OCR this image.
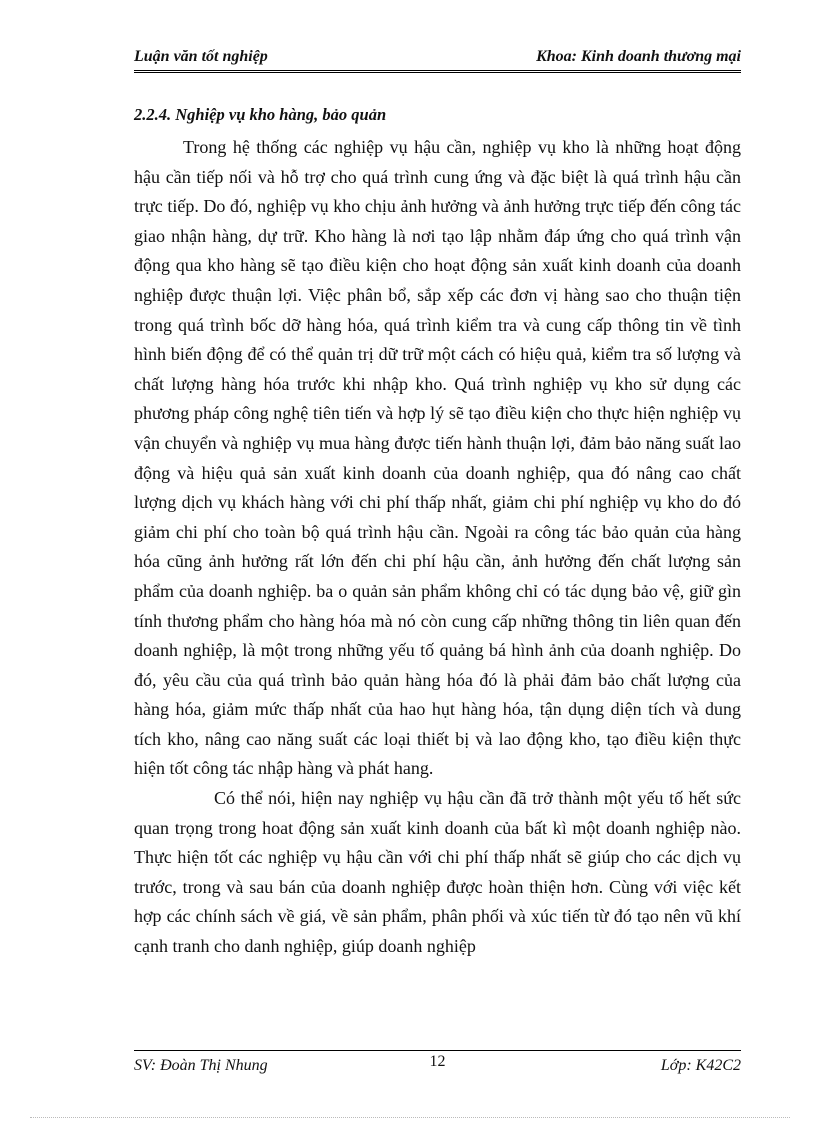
Luận văn tốt nghiệp	Khoa: Kinh doanh thương mại
2.2.4. Nghiệp vụ kho hàng, bảo quản

Trong hệ thống các nghiệp vụ hậu cần, nghiệp vụ kho là những hoạt động hậu cần tiếp nối và hỗ trợ cho quá trình cung ứng và đặc biệt là quá trình hậu cần trực tiếp. Do đó, nghiệp vụ kho chịu ảnh hưởng và ảnh hưởng trực tiếp đến công tác giao nhận hàng, dự trữ. Kho hàng là nơi tạo lập nhằm đáp ứng cho quá trình vận động qua kho hàng sẽ tạo điều kiện cho hoạt động sản xuất kinh doanh của doanh nghiệp được thuận lợi. Việc phân bổ, sắp xếp các đơn vị hàng sao cho thuận tiện trong quá trình bốc dỡ hàng hóa, quá trình kiểm tra và cung cấp thông tin về tình hình biến động để có thể quản trị dữ trữ một cách có hiệu quả, kiểm tra số lượng và chất lượng hàng hóa trước khi nhập kho. Quá trình nghiệp vụ kho sử dụng các phương pháp công nghệ tiên tiến và hợp lý sẽ tạo điều kiện cho thực hiện nghiệp vụ vận chuyển và nghiệp vụ mua hàng được tiến hành thuận lợi, đảm bảo năng suất lao động và hiệu quả sản xuất kinh doanh của doanh nghiệp, qua đó nâng cao chất lượng dịch vụ khách hàng với chi phí thấp nhất, giảm chi phí nghiệp vụ kho do đó giảm chi phí cho toàn bộ quá trình hậu cần. Ngoài ra công tác bảo quản của hàng hóa cũng ảnh hưởng rất lớn đến chi phí hậu cần, ảnh hưởng đến chất lượng sản phẩm của doanh nghiệp. ba o quản sản phẩm không chỉ có tác dụng bảo vệ, giữ gìn tính thương phẩm cho hàng hóa mà nó còn cung cấp những thông tin liên quan đến doanh nghiệp, là một trong những yếu tố quảng bá hình ảnh của doanh nghiệp. Do đó, yêu cầu của quá trình bảo quản hàng hóa đó là phải đảm bảo chất lượng của hàng hóa, giảm mức thấp nhất của hao hụt hàng hóa, tận dụng diện tích và dung tích kho, nâng cao năng suất các loại thiết bị và lao động kho, tạo điều kiện thực hiện tốt công tác nhập hàng và phát hang.

Có thể nói, hiện nay nghiệp vụ hậu cần đã trở thành một yếu tố hết sức quan trọng trong hoat động sản xuất kinh doanh của bất kì một doanh nghiệp nào. Thực hiện tốt các nghiệp vụ hậu cần với chi phí thấp nhất sẽ giúp cho các dịch vụ trước, trong và sau bán của doanh nghiệp được hoàn thiện hơn. Cùng với việc kết hợp các chính sách về giá, về sản phẩm, phân phối và xúc tiến từ đó tạo nên vũ khí cạnh tranh cho danh nghiệp, giúp doanh nghiệp

SV: Đoàn Thị Nhung	12	Lớp: K42C2
